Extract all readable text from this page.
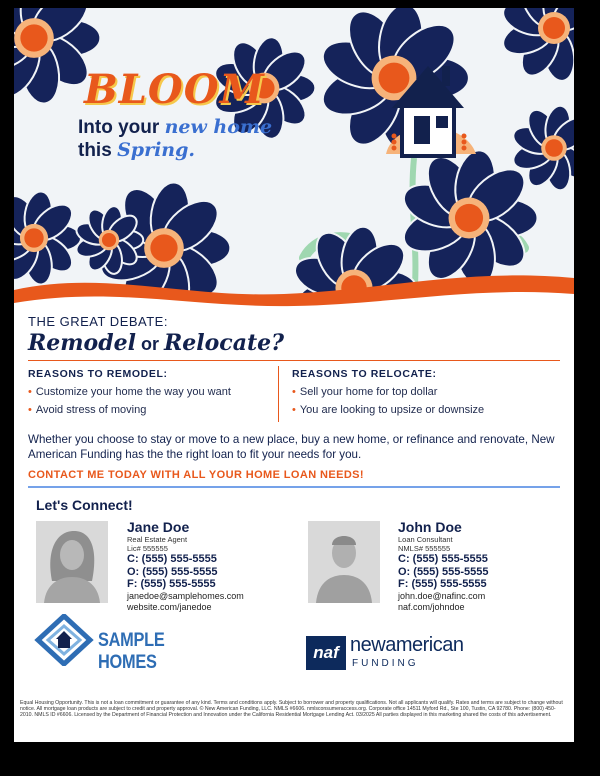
BLOOM
Into your new home
this Spring.
THE GREAT DEBATE:
Remodel or Relocate?
REASONS TO REMODEL:
• Customize your home the way you want
• Avoid stress of moving
REASONS TO RELOCATE:
• Sell your home for top dollar
• You are looking to upsize or downsize
Whether you choose to stay or move to a new place, buy a new home, or refinance and renovate, New American Funding has the the right loan to fit your needs for you.
CONTACT ME TODAY WITH ALL YOUR HOME LOAN NEEDS!
Let's Connect!
Jane Doe
Real Estate Agent
Lic# 555555
C: (555) 555-5555
O: (555) 555-5555
F: (555) 555-5555
janedoe@samplehomes.com
website.com/janedoe
John Doe
Loan Consultant
NMLS# 555555
C: (555) 555-5555
O: (555) 555-5555
F: (555) 555-5555
john.doe@nafinc.com
naf.com/johndoe
SAMPLE HOMES	naf newamerican
FUNDING
Equal Housing Opportunity. This is not a loan commitment or guarantee of any kind. Terms and conditions apply. Subject to borrower and property qualifications. Not all applicants will qualify. Rates and terms are subject to change without notice. All mortgage loan products are subject to credit and property approval. © New American Funding, LLC. NMLS #6606. nmlsconsumeraccess.org. Corporate office 14511 Myford Rd., Ste 100, Tustin, CA 92780. Phone: (800) 450-2010. NMLS ID #6606. Licensed by the Department of Financial Protection and Innovation under the California Residential Mortgage Lending Act. 03/2025 All parties displayed in this marketing shared the costs of this advertisement.
